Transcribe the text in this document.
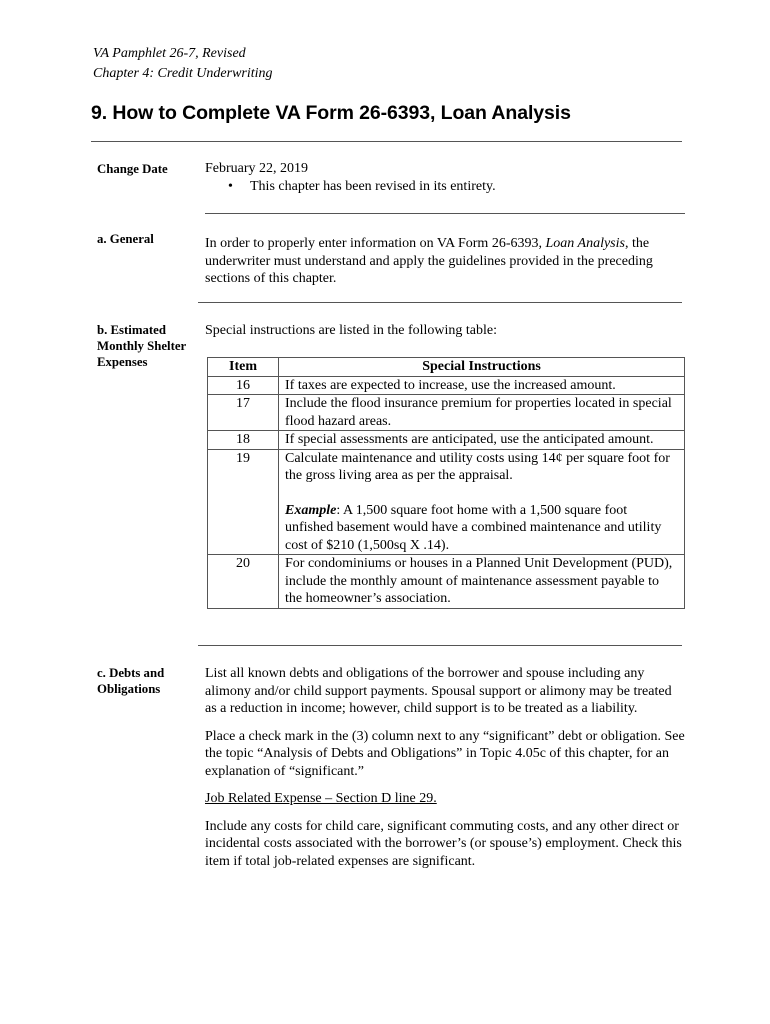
VA Pamphlet 26-7, Revised
Chapter 4: Credit Underwriting
9. How to Complete VA Form 26-6393, Loan Analysis
Change Date	February 22, 2019
• This chapter has been revised in its entirety.
a. General	In order to properly enter information on VA Form 26-6393, Loan Analysis, the underwriter must understand and apply the guidelines provided in the preceding sections of this chapter.
b. Estimated Monthly Shelter Expenses
Special instructions are listed in the following table:
Item	Special Instructions
16	If taxes are expected to increase, use the increased amount.
17	Include the flood insurance premium for properties located in special flood hazard areas.
18	If special assessments are anticipated, use the anticipated amount.
19	Calculate maintenance and utility costs using 14¢ per square foot for the gross living area as per the appraisal.
Example: A 1,500 square foot home with a 1,500 square foot unfished basement would have a combined maintenance and utility cost of $210 (1,500sq X .14).

20	For condominiums or houses in a Planned Unit Development (PUD), include the monthly amount of maintenance assessment payable to the homeowner’s association.
c. Debts and Obligations

List all known debts and obligations of the borrower and spouse including any alimony and/or child support payments. Spousal support or alimony may be treated as a reduction in income; however, child support is to be treated as a liability.

Place a check mark in the (3) column next to any “significant” debt or obligation. See the topic “Analysis of Debts and Obligations” in Topic 4.05c of this chapter, for an explanation of “significant.”

Job Related Expense – Section D line 29.

Include any costs for child care, significant commuting costs, and any other direct or incidental costs associated with the borrower’s (or spouse’s) employment. Check this item if total job-related expenses are significant.
